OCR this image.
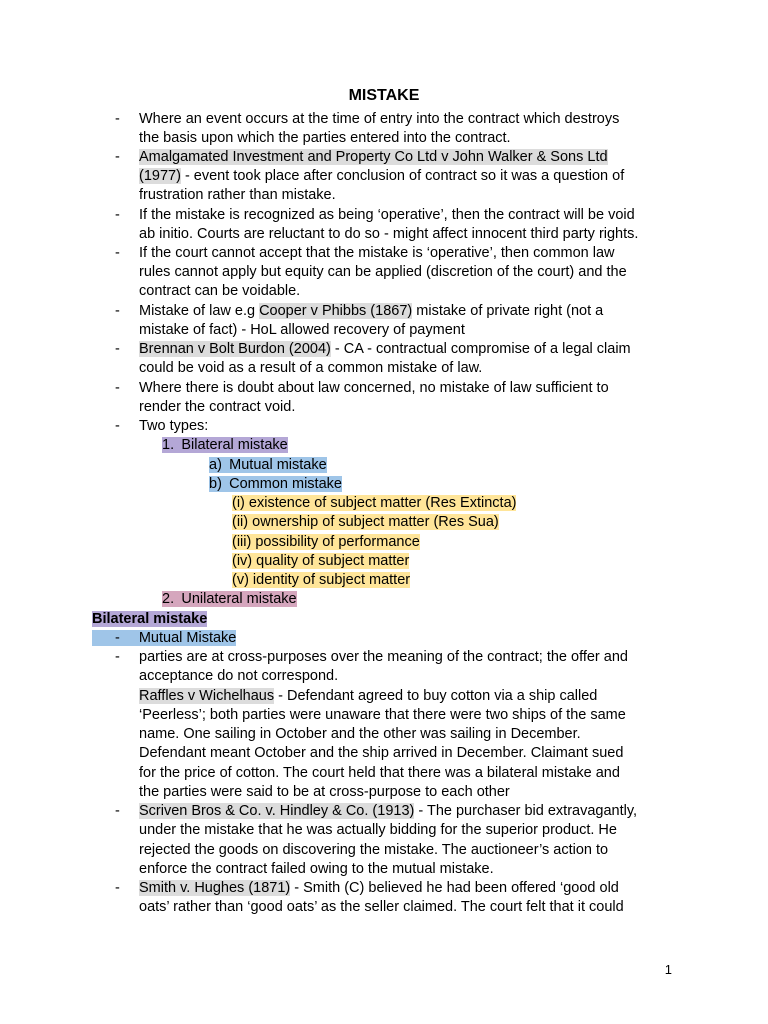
MISTAKE
- Where an event occurs at the time of entry into the contract which destroys
the basis upon which the parties entered into the contract.
- Amalgamated Investment and Property Co Ltd v John Walker & Sons Ltd
(1977) - event took place after conclusion of contract so it was a question of
frustration rather than mistake.
- If the mistake is recognized as being ‘operative’, then the contract will be void
ab initio. Courts are reluctant to do so - might affect innocent third party rights.
- If the court cannot accept that the mistake is ‘operative’, then common law
rules cannot apply but equity can be applied (discretion of the court) and the
contract can be voidable.
- Mistake of law e.g Cooper v Phibbs (1867) mistake of private right (not a
mistake of fact) - HoL allowed recovery of payment
- Brennan v Bolt Burdon (2004) - CA - contractual compromise of a legal claim
could be void as a result of a common mistake of law.
- Where there is doubt about law concerned, no mistake of law sufficient to
render the contract void.
- Two types:
1. Bilateral mistake
a) Mutual mistake
b) Common mistake
(i) existence of subject matter (Res Extincta)
(ii) ownership of subject matter (Res Sua)
(iii) possibility of performance
(iv) quality of subject matter
(v) identity of subject matter
2. Unilateral mistake
Bilateral mistake
- Mutual Mistake
- parties are at cross-purposes over the meaning of the contract; the offer and
acceptance do not correspond.
Raffles v Wichelhaus - Defendant agreed to buy cotton via a ship called
‘Peerless’; both parties were unaware that there were two ships of the same
name. One sailing in October and the other was sailing in December.
Defendant meant October and the ship arrived in December. Claimant sued
for the price of cotton. The court held that there was a bilateral mistake and
the parties were said to be at cross-purpose to each other
- Scriven Bros & Co. v. Hindley & Co. (1913) - The purchaser bid extravagantly,
under the mistake that he was actually bidding for the superior product. He
rejected the goods on discovering the mistake. The auctioneer’s action to
enforce the contract failed owing to the mutual mistake.
- Smith v. Hughes (1871) - Smith (C) believed he had been offered ‘good old
oats’ rather than ‘good oats’ as the seller claimed. The court felt that it could
1
